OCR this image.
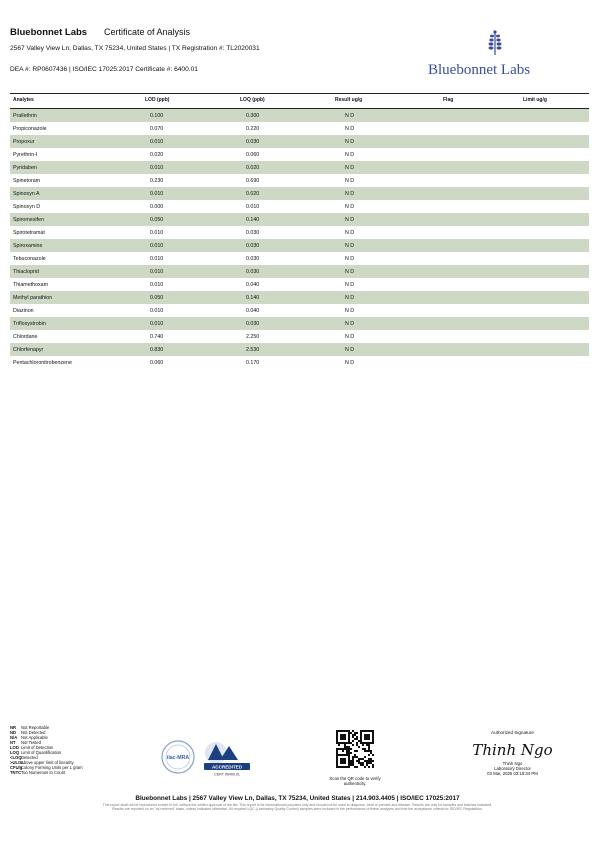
Bluebonnet Labs Certificate of Analysis
2567 Valley View Ln, Dallas, TX 75234, United States | TX Registration #: TL2020031
DEA #: RP0607436 | ISO/IEC 17025:2017 Certificate #: 6400.01	Bluebonnet Labs
Analytes	LOD (ppb)	LOQ (ppb)	Result ug/g	Flag	Limit ug/g
Prallethrin	0.100	0.300	N D
Propiconazole	0.070	0.220	N D
Propoxur	0.010	0.030	N D
Pyrethrin-I	0.020	0.060	N D
Pyridaben	0.010	0.020	N D
Spinetoram	0.230	0.690	N D
Spinosyn A	0.010	0.020	N D
Spinosyn D	0.000	0.010	N D
Spiromesifen	0.050	0.140	N D
Spirotetramat	0.010	0.030	N D
Spiroxamine	0.010	0.030	N D
Tebuconazole	0.010	0.030	N D
Thiacloprid	0.010	0.030	N D
Thiamethoxam	0.010	0.040	N D
Methyl parathion	0.050	0.140	N D
Diazinon	0.010	0.040	N D
Trifloxystrobin	0.010	0.030	N D
Chlordane	0.740	2.250	N D
Chlorfenapyr	0.830	2.530	N D
Pentachloronitrobenzene	0.060	0.170	N D
NR Not Reportable
ND Not Detected
N/A Not Applicable
NT Not Tested
LOD Limit of Detection
LOQ Limit of Quantification
<LOQDetected
>ULOLAbove upper limit of linearity
CFU/gColony Forming Units per 1 gram
TNTCToo Numerous to Count
ilac-MRA
ACCREDITED
CERT #6400.01
Scan the QR code to verify authenticity.
Authorized Signature
Thinh Ngo
Thinh Ngo
Laboratory Director
03 Mar, 2025 03:18:34 PM
Bluebonnet Labs | 2567 Valley View Ln, Dallas, TX 75234, United States | 214.903.4405 | ISO/IEC 17025:2017
This report shall not be reproduced except in full, without the written approval of the lab. This report is for informational purposes only and should not be used to diagnose, treat or prevent any disease. Results are only for samples and batches indicated. Results are reported on an "as received" basis, unless indicated otherwise. All required LQC (Laboratory Quality Control) samples were included in the performance of these analyses and met the acceptance criteria for ISO/IEC Regulations.
